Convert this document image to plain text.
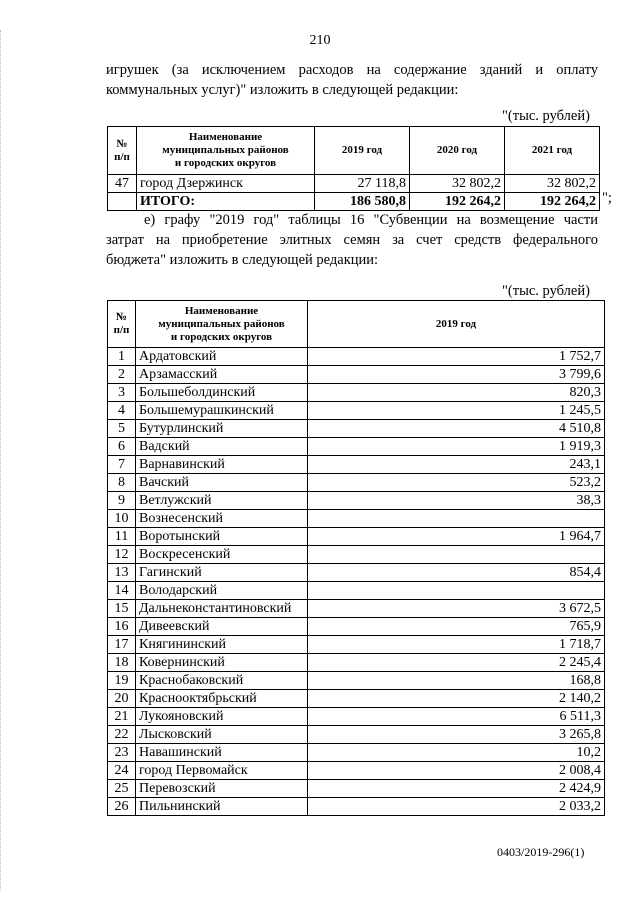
210
игрушек (за исключением расходов на содержание зданий и оплату
коммунальных услуг)" изложить в следующей редакции:
"(тыс. рублей)
№
п/п	Наименование
муниципальных районов
и городских округов	2019 год	2020 год	2021 год
47	город Дзержинск	27 118,8	32 802,2	32 802,2
	ИТОГО:	186 580,8	192 264,2	192 264,2 ";
е) графу "2019 год" таблицы 16 "Субвенции на возмещение части
затрат на приобретение элитных семян за счет средств федерального
бюджета" изложить в следующей редакции:
"(тыс. рублей)
№
п/п	Наименование
муниципальных районов
и городских округов	2019 год
1	Ардатовский	1 752,7
2	Арзамасский	3 799,6
3	Большеболдинский	820,3
4	Большемурашкинский	1 245,5
5	Бутурлинский	4 510,8
6	Вадский	1 919,3
7	Варнавинский	243,1
8	Вачский	523,2
9	Ветлужский	38,3
10	Вознесенский	
11	Воротынский	1 964,7
12	Воскресенский	
13	Гагинский	854,4
14	Володарский	
15	Дальнеконстантиновский	3 672,5
16	Дивеевский	765,9
17	Княгининский	1 718,7
18	Ковернинский	2 245,4
19	Краснобаковский	168,8
20	Краснооктябрьский	2 140,2
21	Лукояновский	6 511,3
22	Лысковский	3 265,8
23	Навашинский	10,2
24	город Первомайск	2 008,4
25	Перевозский	2 424,9
26	Пильнинский	2 033,2
0403/2019-296(1)
